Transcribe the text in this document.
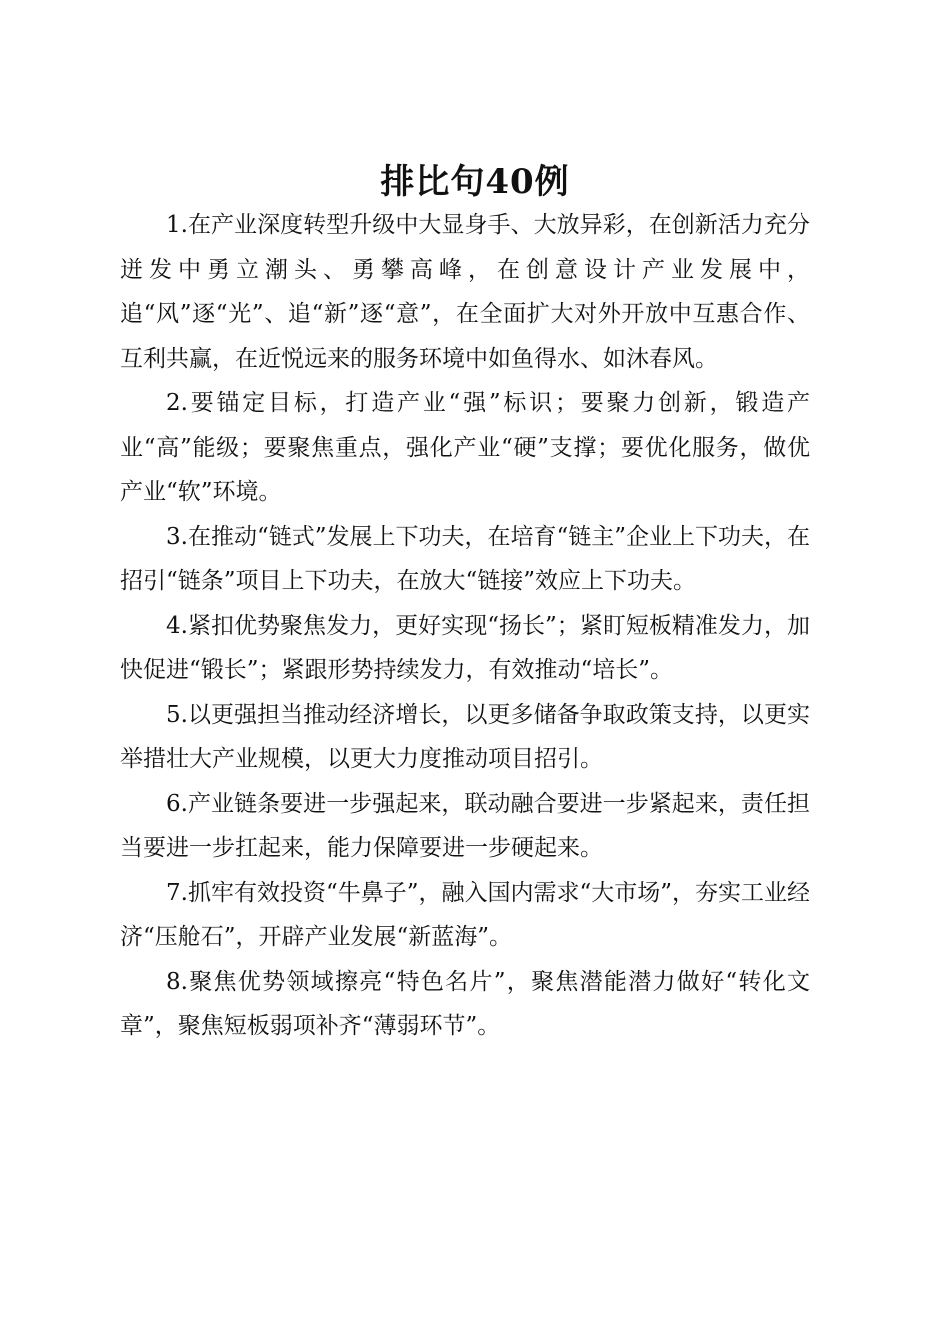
排比句40例

1.在产业深度转型升级中大显身手、大放异彩，在创新活力充分迸发中勇立潮头、勇攀高峰，在创意设计产业发展中，追“风”逐“光”、追“新”逐“意”，在全面扩大对外开放中互惠合作、互利共赢，在近悦远来的服务环境中如鱼得水、如沐春风。

2.要锚定目标，打造产业“强”标识；要聚力创新，锻造产业“高”能级；要聚焦重点，强化产业“硬”支撑；要优化服务，做优产业“软”环境。

3.在推动“链式”发展上下功夫，在培育“链主”企业上下功夫，在招引“链条”项目上下功夫，在放大“链接”效应上下功夫。

4.紧扣优势聚焦发力，更好实现“扬长”；紧盯短板精准发力，加快促进“锻长”；紧跟形势持续发力，有效推动“培长”。

5.以更强担当推动经济增长，以更多储备争取政策支持，以更实举措壮大产业规模，以更大力度推动项目招引。

6.产业链条要进一步强起来，联动融合要进一步紧起来，责任担当要进一步扛起来，能力保障要进一步硬起来。

7.抓牢有效投资“牛鼻子”，融入国内需求“大市场”，夯实工业经济“压舱石”，开辟产业发展“新蓝海”。

8.聚焦优势领域擦亮“特色名片”，聚焦潜能潜力做好“转化文章”，聚焦短板弱项补齐“薄弱环节”。
